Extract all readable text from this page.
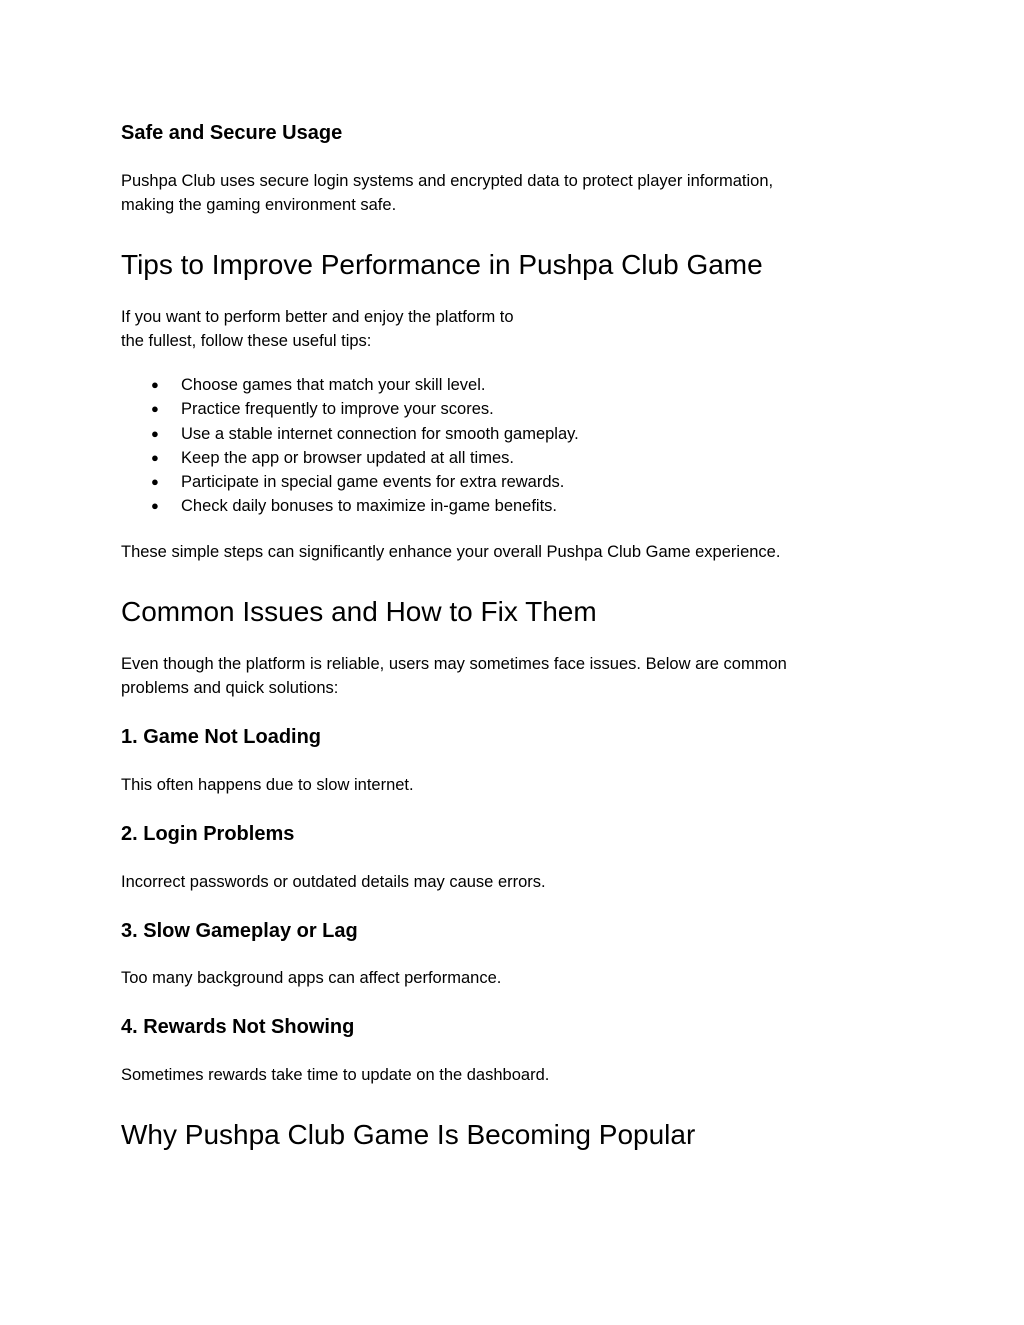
Safe and Secure Usage

Pushpa Club uses secure login systems and encrypted data to protect player information,

making the gaming environment safe.

Tips to Improve Performance in Pushpa Club Game

If you want to perform better and enjoy the platform to

the fullest, follow these useful tips:

● Choose games that match your skill level.
● Practice frequently to improve your scores.
● Use a stable internet connection for smooth gameplay.
● Keep the app or browser updated at all times.
● Participate in special game events for extra rewards.
● Check daily bonuses to maximize in-game benefits.

These simple steps can significantly enhance your overall Pushpa Club Game experience.

Common Issues and How to Fix Them

Even though the platform is reliable, users may sometimes face issues. Below are common

problems and quick solutions:

1. Game Not Loading

This often happens due to slow internet.

2. Login Problems

Incorrect passwords or outdated details may cause errors.

3. Slow Gameplay or Lag

Too many background apps can affect performance.

4. Rewards Not Showing

Sometimes rewards take time to update on the dashboard.

Why Pushpa Club Game Is Becoming Popular
